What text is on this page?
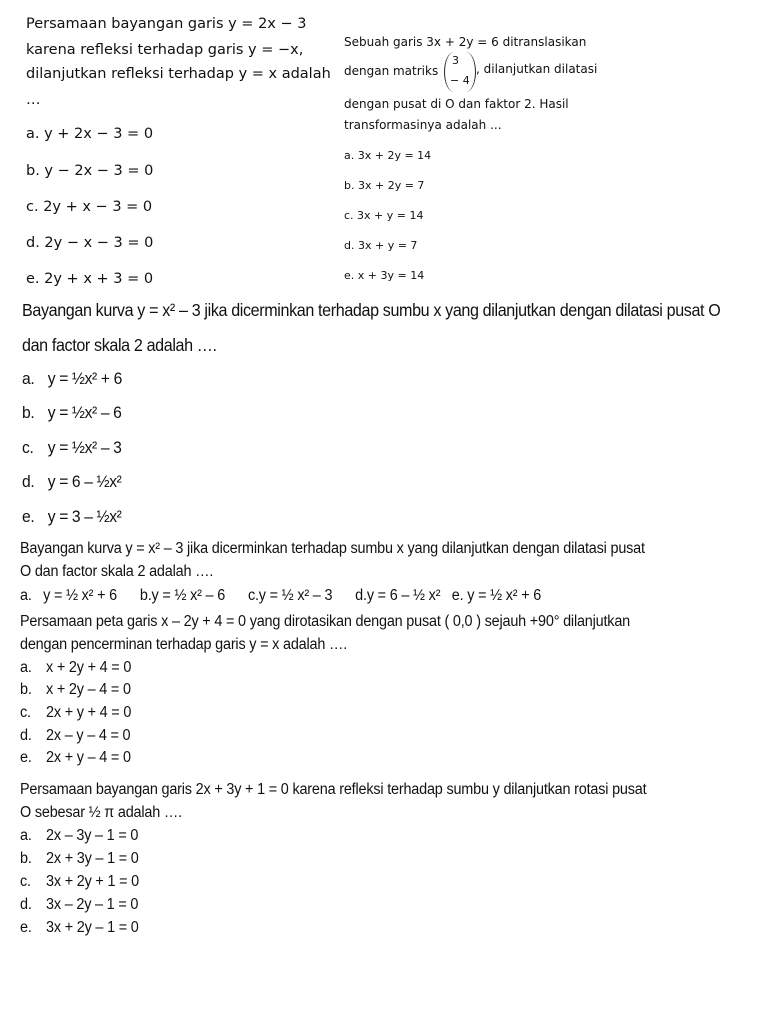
Persamaan bayangan garis y = 2x − 3
karena refleksi terhadap garis y = −x,
dilanjutkan refleksi terhadap y = x adalah
…
a. y + 2x − 3 = 0
b. y − 2x − 3 = 0
c. 2y + x − 3 = 0
d. 2y − x − 3 = 0
e. 2y + x + 3 = 0
Sebuah garis 3x + 2y = 6 ditranslasikan
dengan matriks
3
− 4
, dilanjutkan dilatasi
dengan pusat di O dan faktor 2. Hasil
transformasinya adalah ...
a. 3x + 2y = 14
b. 3x + 2y = 7
c. 3x + y = 14
d. 3x + y = 7
e. x + 3y = 14
Bayangan kurva y = x² – 3 jika dicerminkan terhadap sumbu x yang dilanjutkan dengan dilatasi pusat O
dan factor skala 2 adalah ….
a. y = ½x² + 6
b. y = ½x² – 6
c. y = ½x² – 3
d. y = 6 – ½x²
e. y = 3 – ½x²
Bayangan kurva y = x² – 3 jika dicerminkan terhadap sumbu x yang dilanjutkan dengan dilatasi pusat
O dan factor skala 2 adalah ….
a.   y = ½ x² + 6      b.y = ½ x² – 6      c.y = ½ x² – 3      d.y = 6 – ½ x²   e. y = ½ x² + 6
Persamaan peta garis x – 2y + 4 = 0 yang dirotasikan dengan pusat ( 0,0 ) sejauh +90° dilanjutkan
dengan pencerminan terhadap garis y = x adalah ….
a. x + 2y + 4 = 0
b. x + 2y – 4 = 0
c. 2x + y + 4 = 0
d. 2x – y – 4 = 0
e. 2x + y – 4 = 0
Persamaan bayangan garis 2x + 3y + 1 = 0 karena refleksi terhadap sumbu y dilanjutkan rotasi pusat
O sebesar ½ π adalah ….
a. 2x – 3y – 1 = 0
b. 2x + 3y – 1 = 0
c. 3x + 2y + 1 = 0
d. 3x – 2y – 1 = 0
e. 3x + 2y – 1 = 0
